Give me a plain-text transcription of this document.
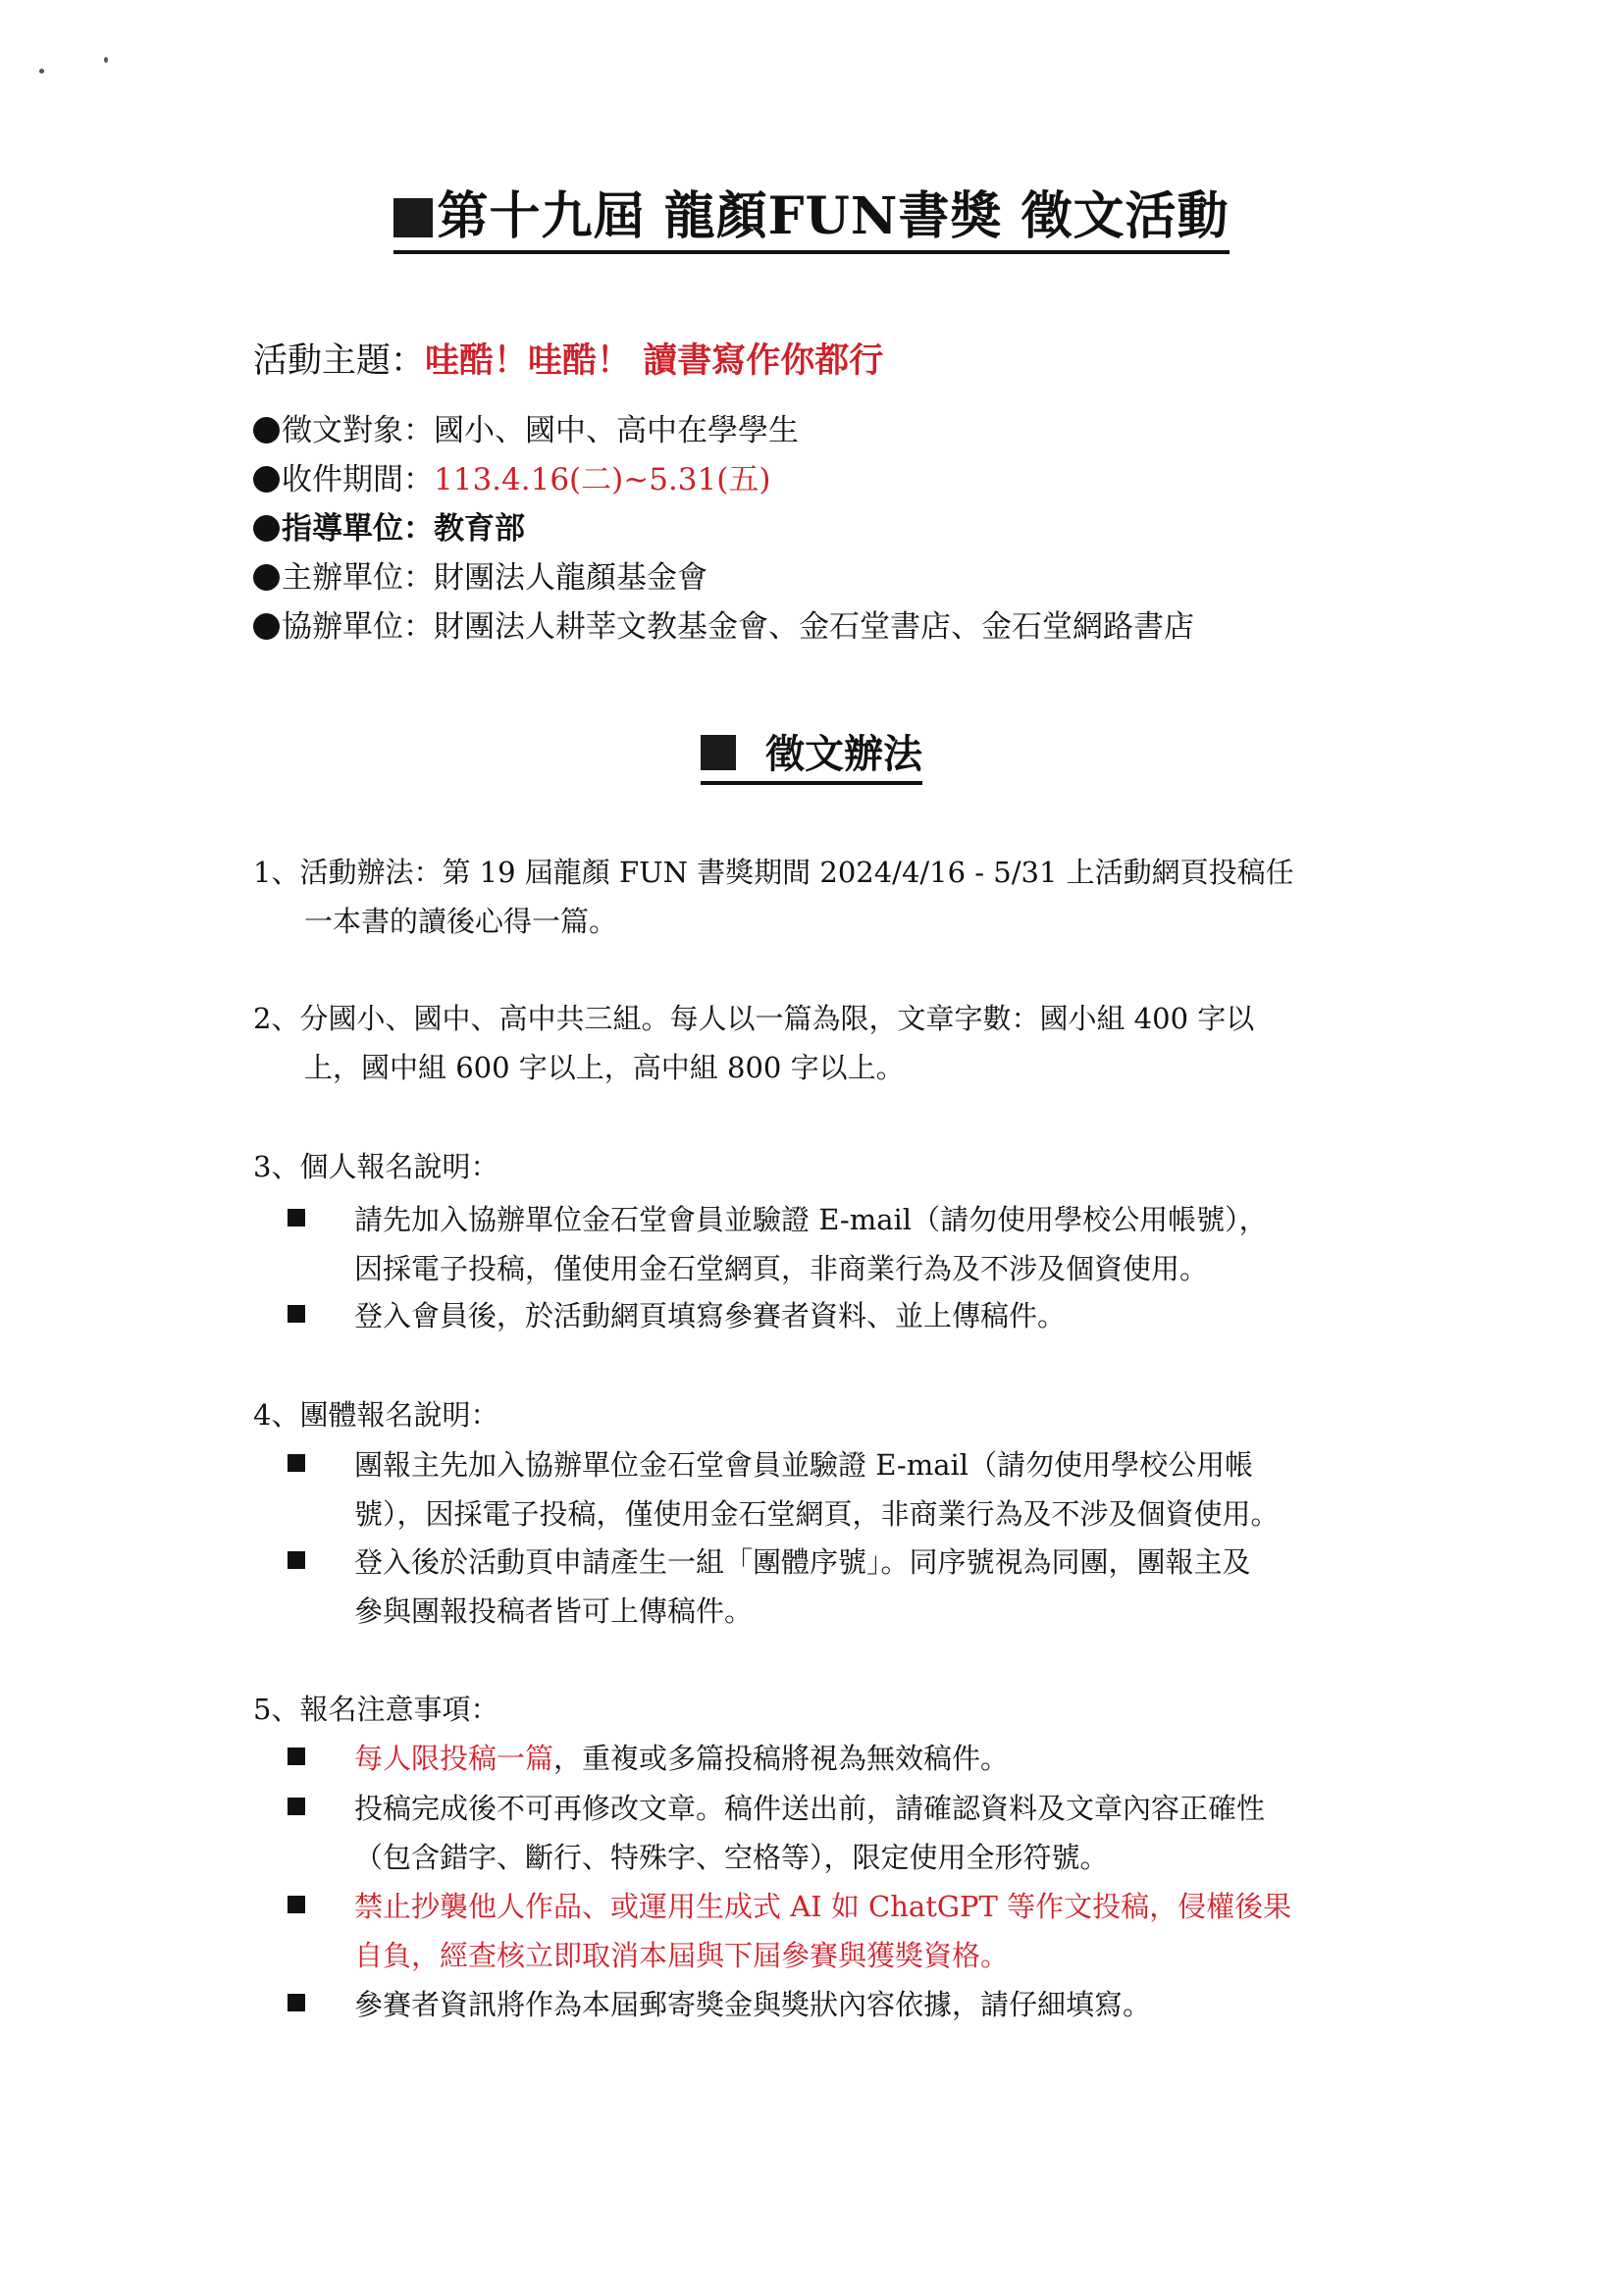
第十九屆 龍顏FUN書獎 徵文活動
活動主題：哇酷！哇酷！ 讀書寫作你都行
徵文對象：國小、國中、高中在學學生
收件期間：113.4.16(二)~5.31(五)
指導單位：教育部
主辦單位：財團法人龍顏基金會
協辦單位：財團法人耕莘文教基金會、金石堂書店、金石堂網路書店
徵文辦法
1、活動辦法：第 19 屆龍顏 FUN 書獎期間 2024/4/16 - 5/31 上活動網頁投稿任
一本書的讀後心得一篇。
2、分國小、國中、高中共三組。每人以一篇為限，文章字數：國小組 400 字以
上，國中組 600 字以上，高中組 800 字以上。
3、個人報名說明：
請先加入協辦單位金石堂會員並驗證 E-mail（請勿使用學校公用帳號），
因採電子投稿，僅使用金石堂網頁，非商業行為及不涉及個資使用。
登入會員後，於活動網頁填寫參賽者資料、並上傳稿件。
4、團體報名說明：
團報主先加入協辦單位金石堂會員並驗證 E-mail（請勿使用學校公用帳
號），因採電子投稿，僅使用金石堂網頁，非商業行為及不涉及個資使用。
登入後於活動頁申請產生一組「團體序號」。同序號視為同團，團報主及
參與團報投稿者皆可上傳稿件。
5、報名注意事項：
每人限投稿一篇，重複或多篇投稿將視為無效稿件。
投稿完成後不可再修改文章。稿件送出前，請確認資料及文章內容正確性
（包含錯字、斷行、特殊字、空格等），限定使用全形符號。
禁止抄襲他人作品、或運用生成式 AI 如 ChatGPT 等作文投稿，侵權後果
自負，經查核立即取消本屆與下屆參賽與獲獎資格。
參賽者資訊將作為本屆郵寄獎金與獎狀內容依據，請仔細填寫。
